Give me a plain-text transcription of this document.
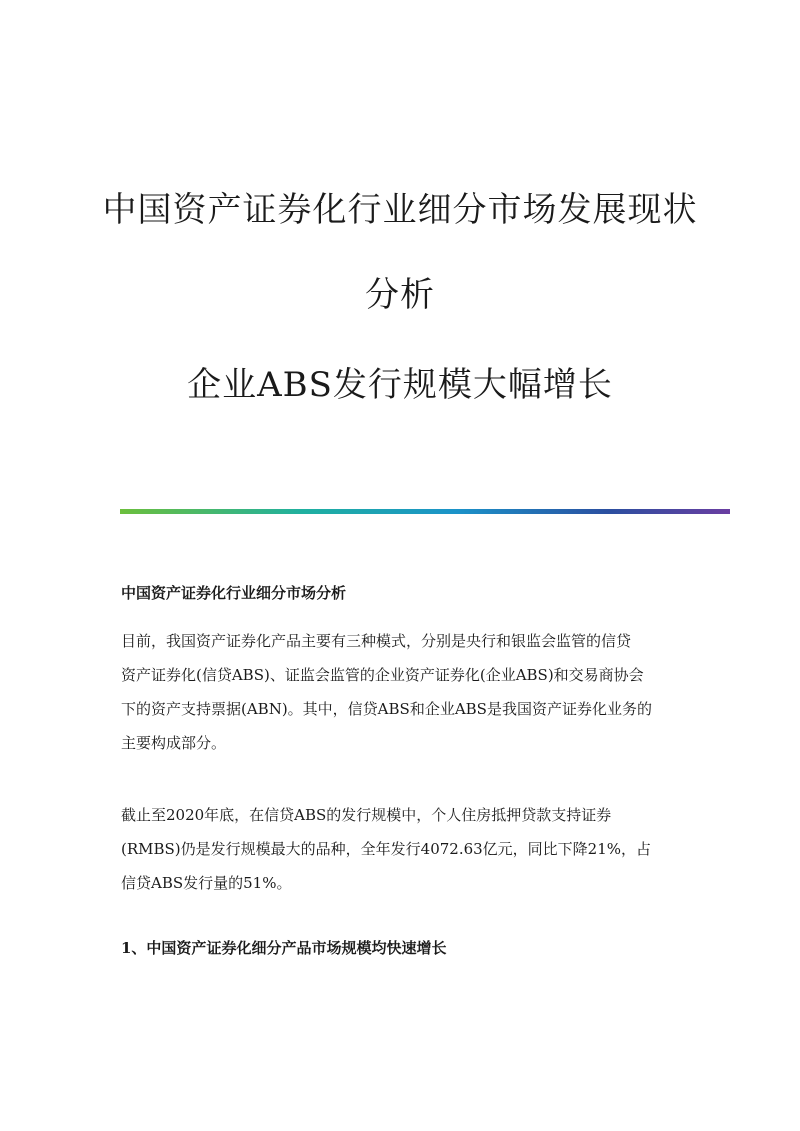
中国资产证券化行业细分市场发展现状
分析
企业ABS发行规模大幅增长
中国资产证券化行业细分市场分析
目前，我国资产证券化产品主要有三种模式，分别是央行和银监会监管的信贷
资产证券化(信贷ABS)、证监会监管的企业资产证券化(企业ABS)和交易商协会
下的资产支持票据(ABN)。其中，信贷ABS和企业ABS是我国资产证券化业务的
主要构成部分。
截止至2020年底，在信贷ABS的发行规模中，个人住房抵押贷款支持证券
(RMBS)仍是发行规模最大的品种，全年发行4072.63亿元，同比下降21%，占
信贷ABS发行量的51%。
1、中国资产证券化细分产品市场规模均快速增长
